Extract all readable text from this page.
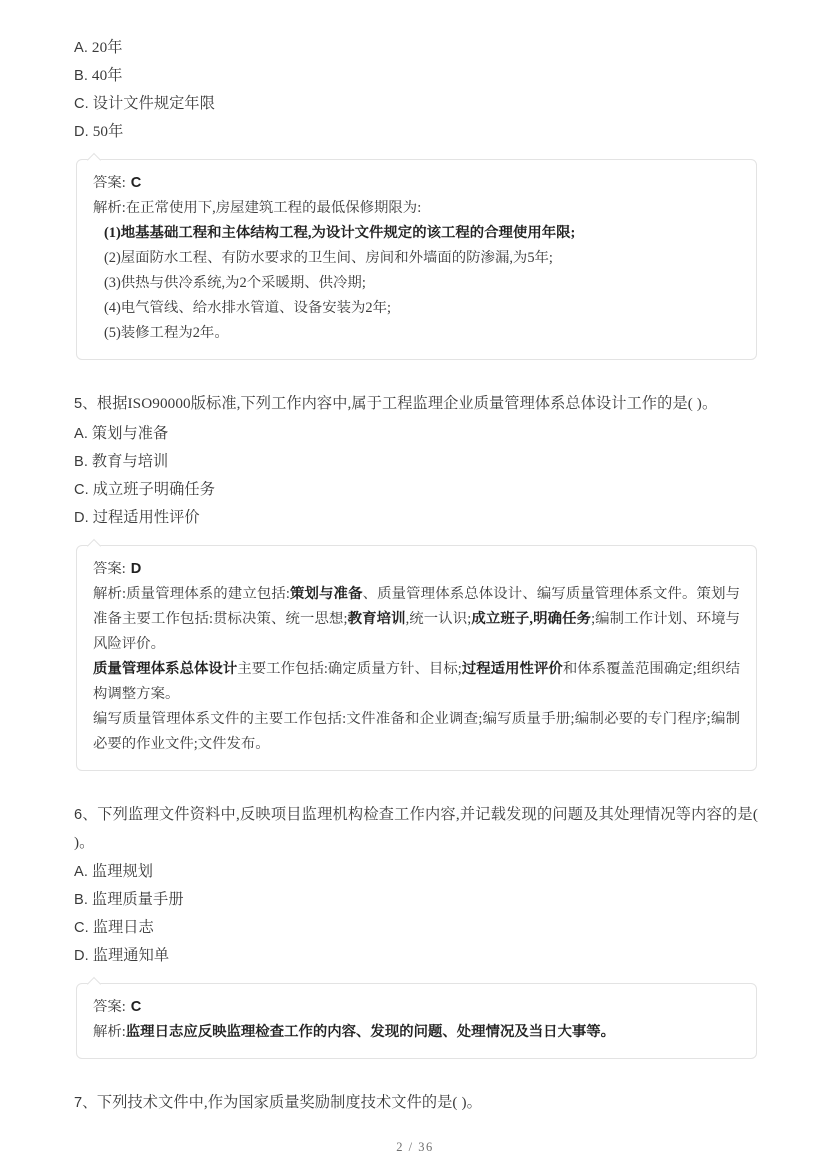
A. 20年

B. 40年

C. 设计文件规定年限

D. 50年

答案: C

解析:在正常使用下,房屋建筑工程的最低保修期限为:

(1)地基基础工程和主体结构工程,为设计文件规定的该工程的合理使用年限;

(2)屋面防水工程、有防水要求的卫生间、房间和外墙面的防渗漏,为5年;

(3)供热与供冷系统,为2个采暖期、供冷期;

(4)电气管线、给水排水管道、设备安装为2年;

(5)装修工程为2年。

5、根据ISO90000版标准,下列工作内容中,属于工程监理企业质量管理体系总体设计工作的是( )。

A. 策划与准备

B. 教育与培训

C. 成立班子明确任务

D. 过程适用性评价

答案: D

解析:质量管理体系的建立包括:策划与准备、质量管理体系总体设计、编写质量管理体系文件。策划与准备主要工作包括:贯标决策、统一思想;教育培训,统一认识;成立班子,明确任务;编制工作计划、环境与风险评价。

质量管理体系总体设计主要工作包括:确定质量方针、目标;过程适用性评价和体系覆盖范围确定;组织结构调整方案。

编写质量管理体系文件的主要工作包括:文件准备和企业调查;编写质量手册;编制必要的专门程序;编制必要的作业文件;文件发布。

6、下列监理文件资料中,反映项目监理机构检查工作内容,并记载发现的问题及其处理情况等内容的是( )。

A. 监理规划

B. 监理质量手册

C. 监理日志

D. 监理通知单

答案: C

解析:监理日志应反映监理检查工作的内容、发现的问题、处理情况及当日大事等。

7、下列技术文件中,作为国家质量奖励制度技术文件的是( )。

2 / 36
